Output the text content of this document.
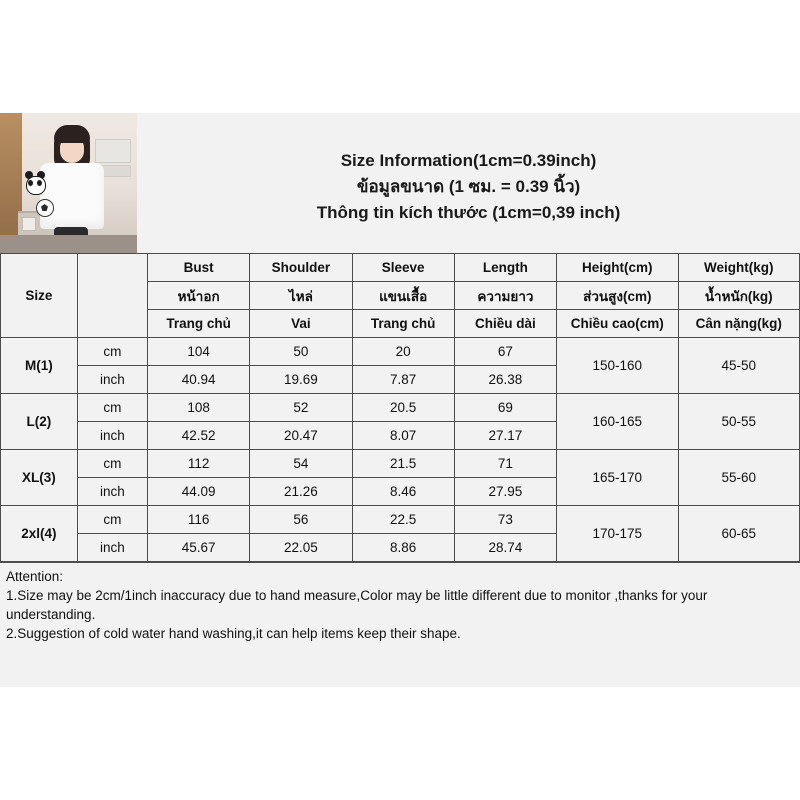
Size Information(1cm=0.39inch)
ข้อมูลขนาด (1 ซม. = 0.39 นิ้ว)
Thông tin kích thước (1cm=0,39 inch)
Size		Bust	Shoulder	Sleeve	Length	Height(cm)	Weight(kg)
		หน้าอก	ไหล่	แขนเสื้อ	ความยาว	ส่วนสูง(cm)	น้ำหนัก(kg)
		Trang chủ	Vai	Trang chủ	Chiều dài	Chiều cao(cm)	Cân nặng(kg)
M(1)	cm	104	50	20	67	150-160	45-50
	inch	40.94	19.69	7.87	26.38		
L(2)	cm	108	52	20.5	69	160-165	50-55
	inch	42.52	20.47	8.07	27.17		
XL(3)	cm	112	54	21.5	71	165-170	55-60
	inch	44.09	21.26	8.46	27.95		
2xl(4)	cm	116	56	22.5	73	170-175	60-65
	inch	45.67	22.05	8.86	28.74		

Attention:

1.Size may be 2cm/1inch inaccuracy due to hand measure,Color may be little different due to monitor ,thanks for your understanding.

2.Suggestion of cold water hand washing,it can help items keep their shape.
